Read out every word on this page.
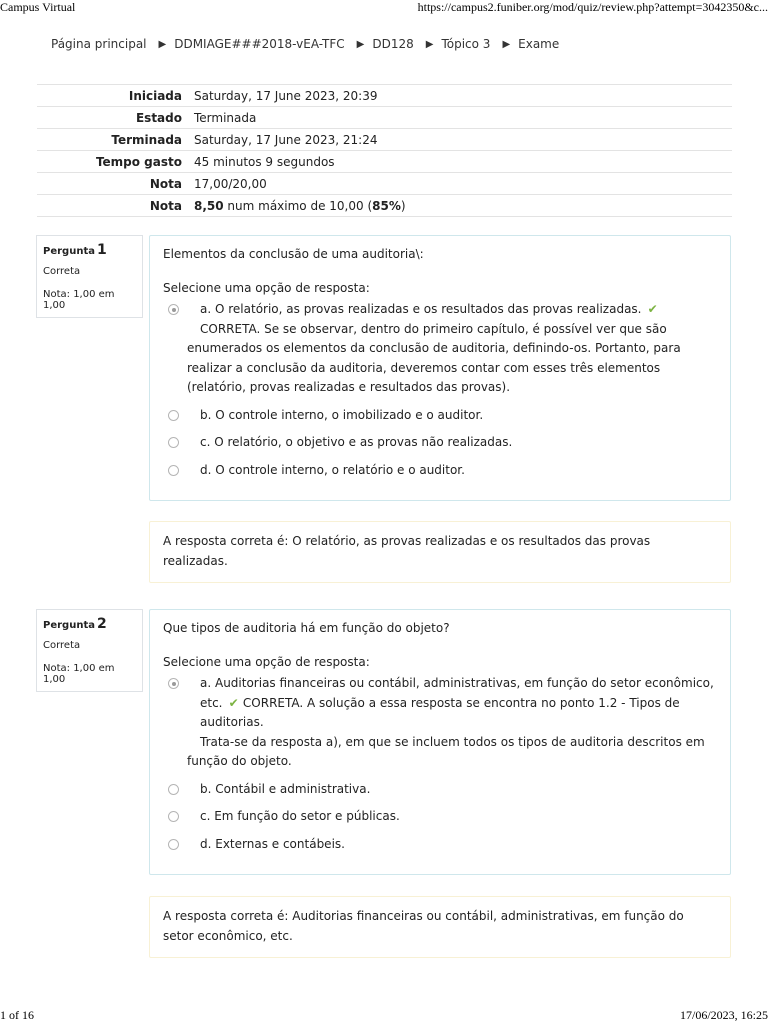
Campus Virtual	https://campus2.funiber.org/mod/quiz/review.php?attempt=3042350&c...
Página principal ▶ DDMIAGE###2018-vEA-TFC ▶ DD128 ▶ Tópico 3 ▶ Exame
Iniciada	Saturday, 17 June 2023, 20:39
Estado	Terminada
Terminada	Saturday, 17 June 2023, 21:24
Tempo gasto	45 minutos 9 segundos
Nota	17,00/20,00
Nota	8,50 num máximo de 10,00 (85%)
Pergunta 1
Correta
Nota: 1,00 em 1,00
Elementos da conclusão de uma auditoria\:
Selecione uma opção de resposta:
a. O relatório, as provas realizadas e os resultados das provas realizadas. ✔

CORRETA. Se se observar, dentro do primeiro capítulo, é possível ver que são enumerados os elementos da conclusão de auditoria, definindo-os. Portanto, para realizar a conclusão da auditoria, deveremos contar com esses três elementos (relatório, provas realizadas e resultados das provas).
b. O controle interno, o imobilizado e o auditor.
c. O relatório, o objetivo e as provas não realizadas.
d. O controle interno, o relatório e o auditor.
A resposta correta é: O relatório, as provas realizadas e os resultados das provas realizadas.
Pergunta 2
Correta
Nota: 1,00 em 1,00
Que tipos de auditoria há em função do objeto?
Selecione uma opção de resposta:
a. Auditorias financeiras ou contábil, administrativas, em função do setor econômico, etc. ✔ CORRETA. A solução a essa resposta se encontra no ponto 1.2 - Tipos de auditorias.

Trata-se da resposta a), em que se incluem todos os tipos de auditoria descritos em função do objeto.
b. Contábil e administrativa.
c. Em função do setor e públicas.
d. Externas e contábeis.
A resposta correta é: Auditorias financeiras ou contábil, administrativas, em função do setor econômico, etc.
1 of 16	17/06/2023, 16:25
